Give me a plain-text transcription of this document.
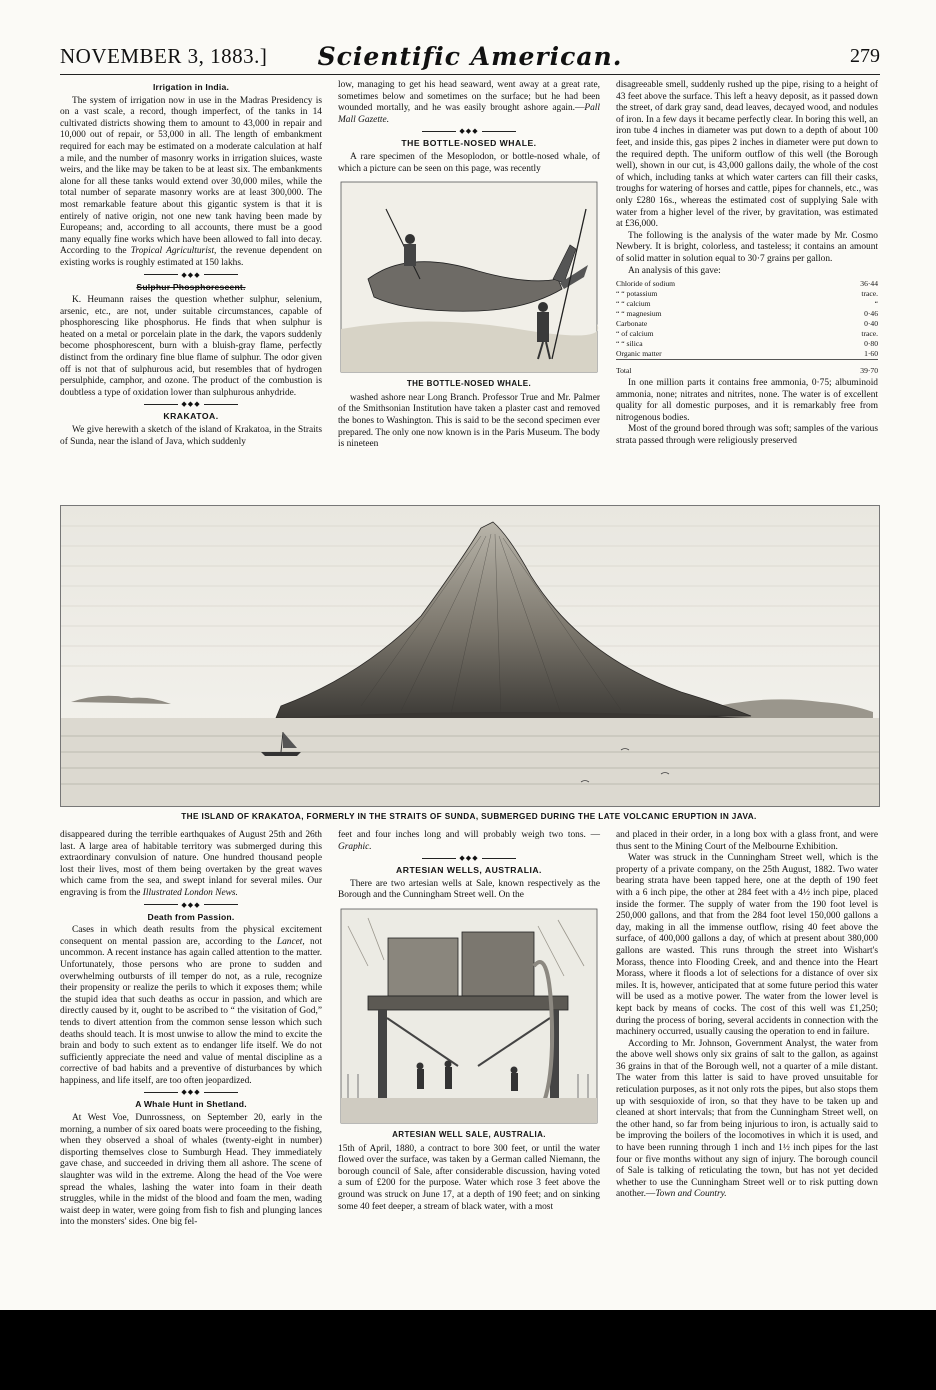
NOVEMBER 3, 1883.]	Scientific American.	279
Irrigation in India.

The system of irrigation now in use in the Madras Presidency is on a vast scale, a record, though imperfect, of the tanks in 14 cultivated districts showing them to amount to 43,000 in repair and 10,000 out of repair, or 53,000 in all. The length of embankment required for each may be estimated on a moderate calculation at half a mile, and the number of masonry works in irrigation sluices, waste weirs, and the like may be taken to be at least six. The embankments alone for all these tanks would extend over 30,000 miles, while the total number of separate masonry works are at least 300,000. The most remarkable feature about this gigantic system is that it is entirely of native origin, not one new tank having been made by Europeans; and, according to all accounts, there must be a good many equally fine works which have been allowed to fall into decay. According to the Tropical Agriculturist, the revenue dependent on existing works is roughly estimated at 150 lakhs.

◆◆◆
Sulphur Phosphorescent.

K. Heumann raises the question whether sulphur, selenium, arsenic, etc., are not, under suitable circumstances, capable of phosphorescing like phosphorus. He finds that when sulphur is heated on a metal or porcelain plate in the dark, the vapors suddenly become phosphorescent, burn with a bluish-gray flame, perfectly distinct from the ordinary fine blue flame of sulphur. The odor given off is not that of sulphurous acid, but resembles that of hydrogen persulphide, camphor, and ozone. The product of the combustion is doubtless a type of oxidation lower than sulphurous anhydride.

◆◆◆
KRAKATOA.

We give herewith a sketch of the island of Krakatoa, in the Straits of Sunda, near the island of Java, which suddenly

low, managing to get his head seaward, went away at a great rate, sometimes below and sometimes on the surface; but he had been wounded mortally, and he was easily brought ashore again.—Pall Mall Gazette.

◆◆◆
THE BOTTLE-NOSED WHALE.

A rare specimen of the Mesoplodon, or bottle-nosed whale, of which a picture can be seen on this page, was recently

THE BOTTLE-NOSED WHALE.

washed ashore near Long Branch. Professor True and Mr. Palmer of the Smithsonian Institution have taken a plaster cast and removed the bones to Washington. This is said to be the second specimen ever prepared. The only one now known is in the Paris Museum. The body is nineteen

disagreeable smell, suddenly rushed up the pipe, rising to a height of 43 feet above the surface. This left a heavy deposit, as it passed down the street, of dark gray sand, dead leaves, decayed wood, and nodules of iron. In a few days it became perfectly clear. In boring this well, an iron tube 4 inches in diameter was put down to a depth of about 100 feet, and inside this, gas pipes 2 inches in diameter were put down to the required depth. The uniform outflow of this well (the Borough well), shown in our cut, is 43,000 gallons daily, the whole of the cost of which, including tanks at which water carters can fill their casks, troughs for watering of horses and cattle, pipes for channels, etc., was only £280 16s., whereas the estimated cost of supplying Sale with water from a higher level of the river, by gravitation, was estimated at £36,000.

The following is the analysis of the water made by Mr. Cosmo Newbery. It is bright, colorless, and tasteless; it contains an amount of solid matter in solution equal to 30·7 grains per gallon.

An analysis of this gave:

Chloride of sodium	36·44
“ “ potassium	trace.
“ “ calcium	“
“ “ magnesium	0·46
Carbonate	0·40
“ of calcium	trace.
“ “ silica	0·80
Organic matter	1·60
Total	39·70

In one million parts it contains free ammonia, 0·75; albuminoid ammonia, none; nitrates and nitrites, none. The water is of excellent quality for all domestic purposes, and it is remarkably free from nitrogenous bodies.

Most of the ground bored through was soft; samples of the various strata passed through were religiously preserved

THE ISLAND OF KRAKATOA, FORMERLY IN THE STRAITS OF SUNDA, SUBMERGED DURING THE LATE VOLCANIC ERUPTION IN JAVA.

disappeared during the terrible earthquakes of August 25th and 26th last. A large area of habitable territory was submerged during this extraordinary convulsion of nature. One hundred thousand people lost their lives, most of them being overtaken by the great waves which came from the sea, and swept inland for several miles. Our engraving is from the Illustrated London News.

◆◆◆
Death from Passion.

Cases in which death results from the physical excitement consequent on mental passion are, according to the Lancet, not uncommon. A recent instance has again called attention to the matter. Unfortunately, those persons who are prone to sudden and overwhelming outbursts of ill temper do not, as a rule, recognize their propensity or realize the perils to which it exposes them; while the stupid idea that such deaths as occur in passion, and which are directly caused by it, ought to be ascribed to “ the visitation of God,” tends to divert attention from the common sense lesson which such deaths should teach. It is most unwise to allow the mind to excite the brain and body to such extent as to endanger life itself. We do not sufficiently appreciate the need and value of mental discipline as a corrective of bad habits and a preventive of disturbances by which happiness, and life itself, are too often jeopardized.

◆◆◆
A Whale Hunt in Shetland.

At West Voe, Dunrossness, on September 20, early in the morning, a number of six oared boats were proceeding to the fishing, when they observed a shoal of whales (twenty-eight in number) disporting themselves close to Sumburgh Head. They immediately gave chase, and succeeded in driving them all ashore. The scene of slaughter was wild in the extreme. Along the head of the Voe were spread the whales, lashing the water into foam in their death struggles, while in the midst of the blood and foam the men, wading waist deep in water, were going from fish to fish and plunging lances into the monsters' sides. One big fel-

feet and four inches long and will probably weigh two tons. —Graphic.

◆◆◆
ARTESIAN WELLS, AUSTRALIA.

There are two artesian wells at Sale, known respectively as the Borough and the Cunningham Street well. On the

ARTESIAN WELL SALE, AUSTRALIA.

15th of April, 1880, a contract to bore 300 feet, or until the water flowed over the surface, was taken by a German called Niemann, the borough council of Sale, after considerable discussion, having voted a sum of £200 for the purpose. Water which rose 3 feet above the ground was struck on June 17, at a depth of 190 feet; and on sinking some 40 feet deeper, a stream of black water, with a most

and placed in their order, in a long box with a glass front, and were thus sent to the Mining Court of the Melbourne Exhibition.

Water was struck in the Cunningham Street well, which is the property of a private company, on the 25th August, 1882. Two water bearing strata have been tapped here, one at the depth of 190 feet with a 6 inch pipe, the other at 284 feet with a 4½ inch pipe, placed inside the former. The supply of water from the 190 foot level is 250,000 gallons, and that from the 284 foot level 150,000 gallons a day, making in all the immense outflow, rising 40 feet above the surface, of 400,000 gallons a day, of which at present about 380,000 gallons are wasted. This runs through the street into Wishart's Morass, thence into Flooding Creek, and and thence into the Heart Morass, where it floods a lot of selections for a distance of over six miles. It is, however, anticipated that at some future period this water will be used as a motive power. The water from the lower level is kept back by means of cocks. The cost of this well was £1,250; during the process of boring, several accidents in connection with the machinery occurred, usually causing the operation to end in failure.

According to Mr. Johnson, Government Analyst, the water from the above well shows only six grains of salt to the gallon, as against 36 grains in that of the Borough well, not a quarter of a mile distant. The water from this latter is said to have proved unsuitable for reticulation purposes, as it not only rots the pipes, but also stops them up with sesquioxide of iron, so that they have to be taken up and cleaned at short intervals; that from the Cunningham Street well, on the other hand, so far from being injurious to iron, is actually said to be improving the boilers of the locomotives in which it is used, and to have been running through 1 inch and 1½ inch pipes for the last four or five months without any sign of injury. The borough council of Sale is talking of reticulating the town, but has not yet decided whether to use the Cunningham Street well or to risk putting down another.—Town and Country.
